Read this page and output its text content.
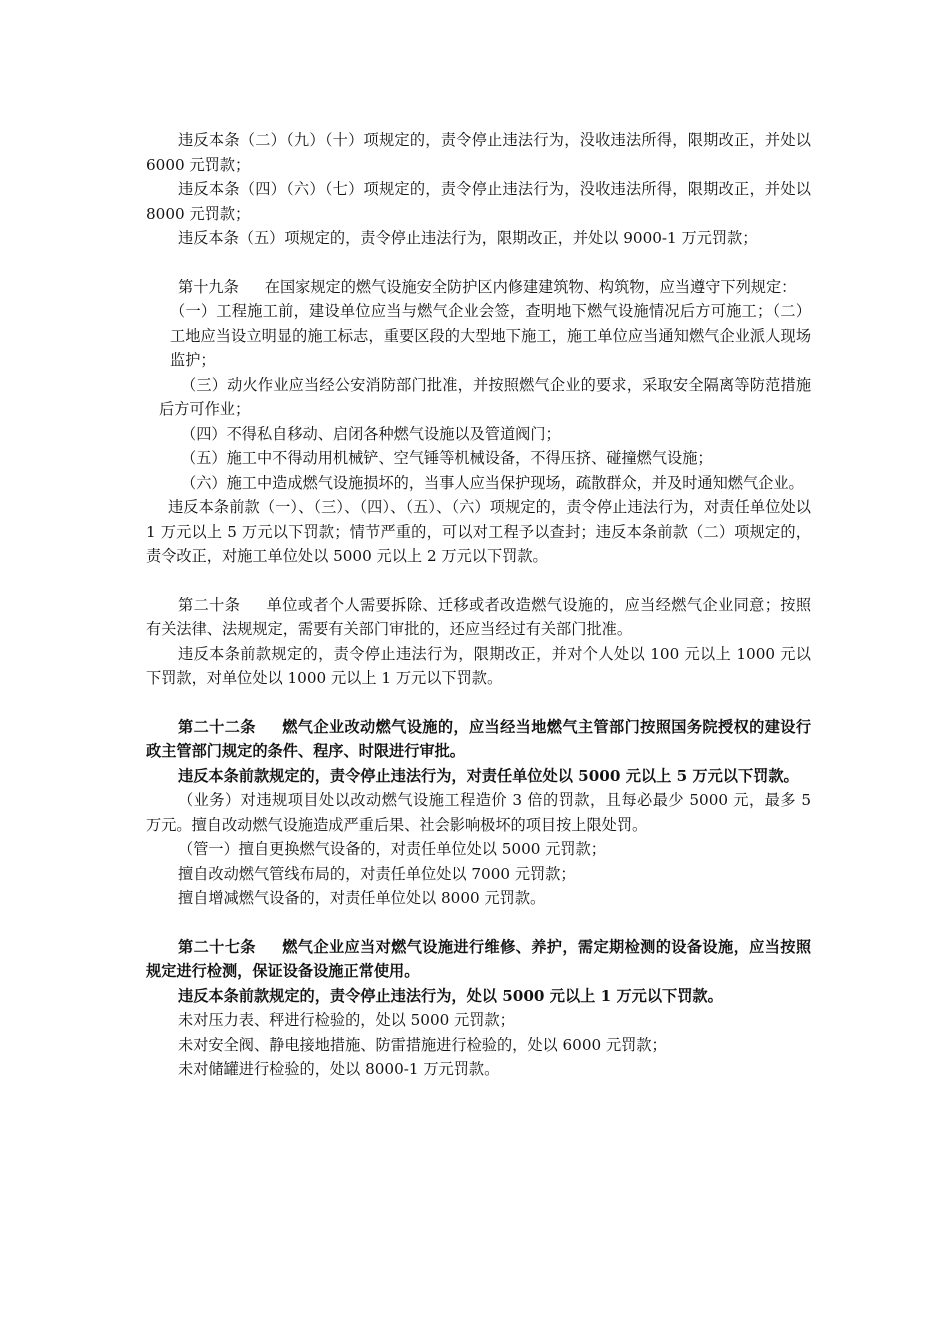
违反本条（二）（九）（十）项规定的，责令停止违法行为，没收违法所得，限期改正，并处以 6000 元罚款；

违反本条（四）（六）（七）项规定的，责令停止违法行为，没收违法所得，限期改正，并处以 8000 元罚款；

违反本条（五）项规定的，责令停止违法行为，限期改正，并处以 9000-1 万元罚款；

第十九条 在国家规定的燃气设施安全防护区内修建建筑物、构筑物，应当遵守下列规定：

（一）工程施工前，建设单位应当与燃气企业会签，查明地下燃气设施情况后方可施工；（二）工地应当设立明显的施工标志，重要区段的大型地下施工，施工单位应当通知燃气企业派人现场监护；

（三）动火作业应当经公安消防部门批准，并按照燃气企业的要求，采取安全隔离等防范措施后方可作业；

（四）不得私自移动、启闭各种燃气设施以及管道阀门；

（五）施工中不得动用机械铲、空气锤等机械设备，不得压挤、碰撞燃气设施；

（六）施工中造成燃气设施损坏的，当事人应当保护现场，疏散群众，并及时通知燃气企业。

违反本条前款（一）、（三）、（四）、（五）、（六）项规定的，责令停止违法行为，对责任单位处以 1 万元以上 5 万元以下罚款；情节严重的，可以对工程予以查封；违反本条前款（二）项规定的，责令改正，对施工单位处以 5000 元以上 2 万元以下罚款。

第二十条 单位或者个人需要拆除、迁移或者改造燃气设施的，应当经燃气企业同意；按照有关法律、法规规定，需要有关部门审批的，还应当经过有关部门批准。

违反本条前款规定的，责令停止违法行为，限期改正，并对个人处以 100 元以上 1000 元以下罚款，对单位处以 1000 元以上 1 万元以下罚款。

第二十二条 燃气企业改动燃气设施的，应当经当地燃气主管部门按照国务院授权的建设行政主管部门规定的条件、程序、时限进行审批。

违反本条前款规定的，责令停止违法行为，对责任单位处以 5000 元以上 5 万元以下罚款。

（业务）对违规项目处以改动燃气设施工程造价 3 倍的罚款，且每必最少 5000 元，最多 5 万元。擅自改动燃气设施造成严重后果、社会影响极坏的项目按上限处罚。

（管一）擅自更换燃气设备的，对责任单位处以 5000 元罚款；

擅自改动燃气管线布局的，对责任单位处以 7000 元罚款；

擅自增减燃气设备的，对责任单位处以 8000 元罚款。

第二十七条 燃气企业应当对燃气设施进行维修、养护，需定期检测的设备设施，应当按照规定进行检测，保证设备设施正常使用。

违反本条前款规定的，责令停止违法行为，处以 5000 元以上 1 万元以下罚款。

未对压力表、秤进行检验的，处以 5000 元罚款；

未对安全阀、静电接地措施、防雷措施进行检验的，处以 6000 元罚款；

未对储罐进行检验的，处以 8000-1 万元罚款。
